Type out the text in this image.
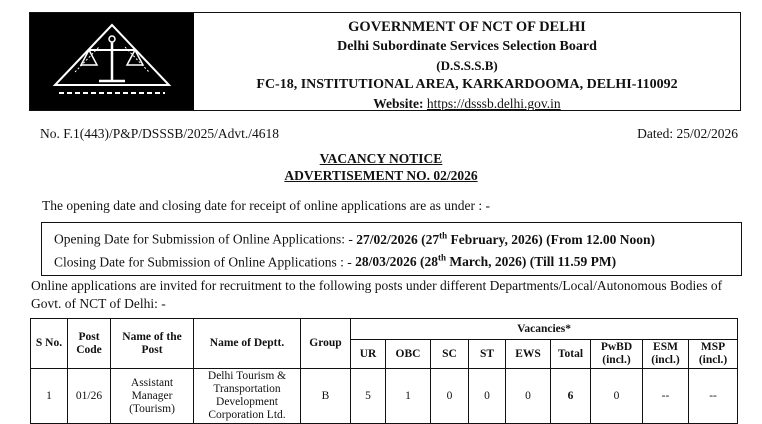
GOVERNMENT OF NCT OF DELHI
Delhi Subordinate Services Selection Board
(D.S.S.S.B)
FC-18, INSTITUTIONAL AREA, KARKARDOOMA, DELHI-110092
Website: https://dsssb.delhi.gov.in
No. F.1(443)/P&P/DSSSB/2025/Advt./4618	Dated: 25/02/2026
VACANCY NOTICE
ADVERTISEMENT NO. 02/2026
The opening date and closing date for receipt of online applications are as under : -
Opening Date for Submission of Online Applications: - 27/02/2026 (27th February, 2026) (From 12.00 Noon)
Closing Date for Submission of Online Applications : - 28/03/2026 (28th March, 2026) (Till 11.59 PM)
Online applications are invited for recruitment to the following posts under different Departments/Local/Autonomous Bodies of Govt. of NCT of Delhi: -
S No.	Post Code	Name of the Post	Name of Deptt.	Group	Vacancies*								
					UR	OBC	SC	ST	EWS	Total	PwBD (incl.)	ESM (incl.)	MSP (incl.)
1	01/26	Assistant Manager (Tourism)	Delhi Tourism & Transportation Development Corporation Ltd.	B	5	1	0	0	0	6	0	--	--
